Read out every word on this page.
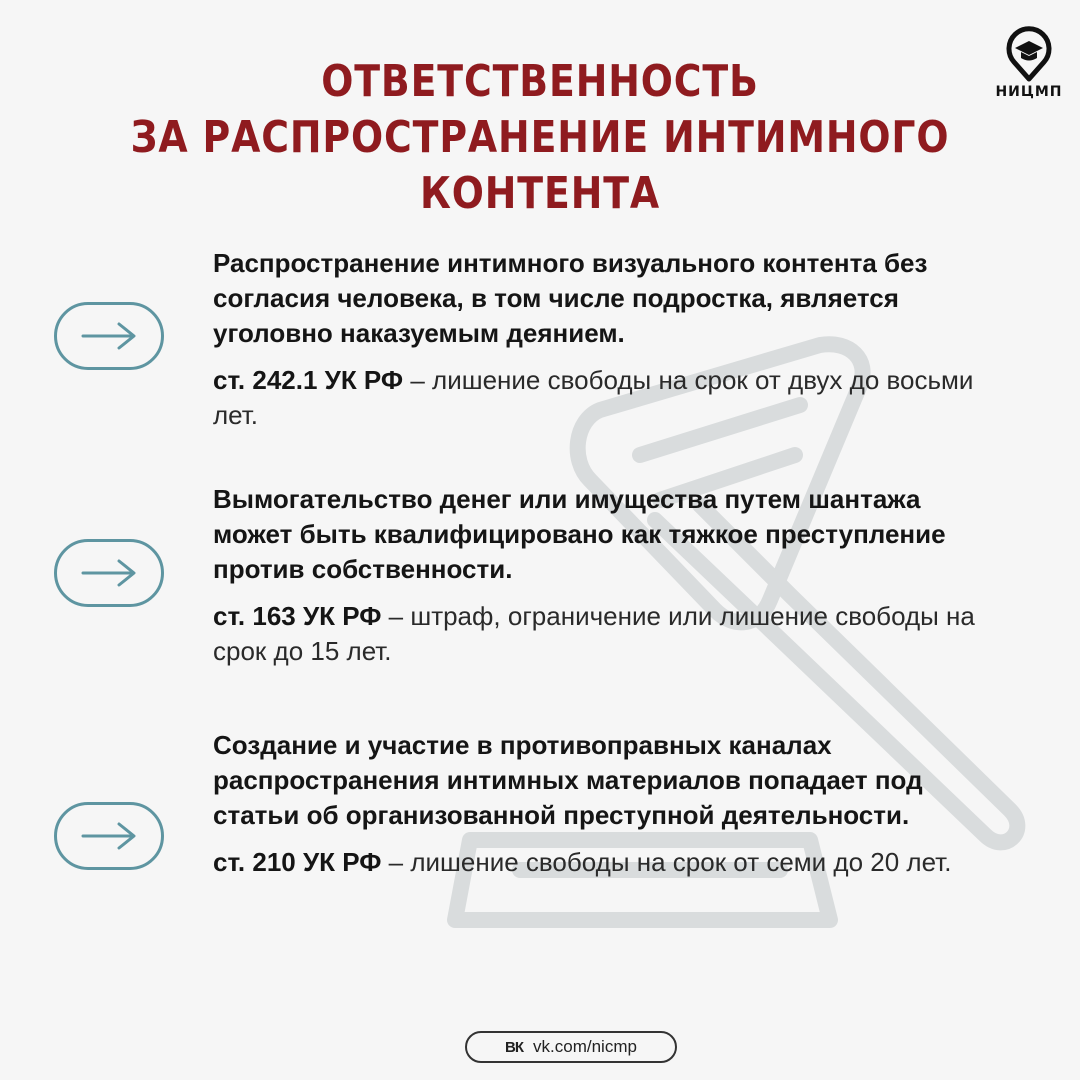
ОТВЕТСТВЕННОСТЬ
ЗА РАСПРОСТРАНЕНИЕ ИНТИМНОГО КОНТЕНТА
НИЦМП

Распространение интимного визуального контента без согласия человека, в том числе подростка, является уголовно наказуемым деянием.

ст. 242.1 УК РФ – лишение свободы на срок от двух до восьми лет.

Вымогательство денег или имущества путем шантажа может быть квалифицировано как тяжкое преступление против собственности.

ст. 163 УК РФ – штраф, ограничение или лишение свободы на срок до 15 лет.

Создание и участие в противоправных каналах распространения интимных материалов попадает под статьи об организованной преступной деятельности.

ст. 210 УК РФ – лишение свободы на срок от семи до 20 лет.

ВК vk.com/nicmp
